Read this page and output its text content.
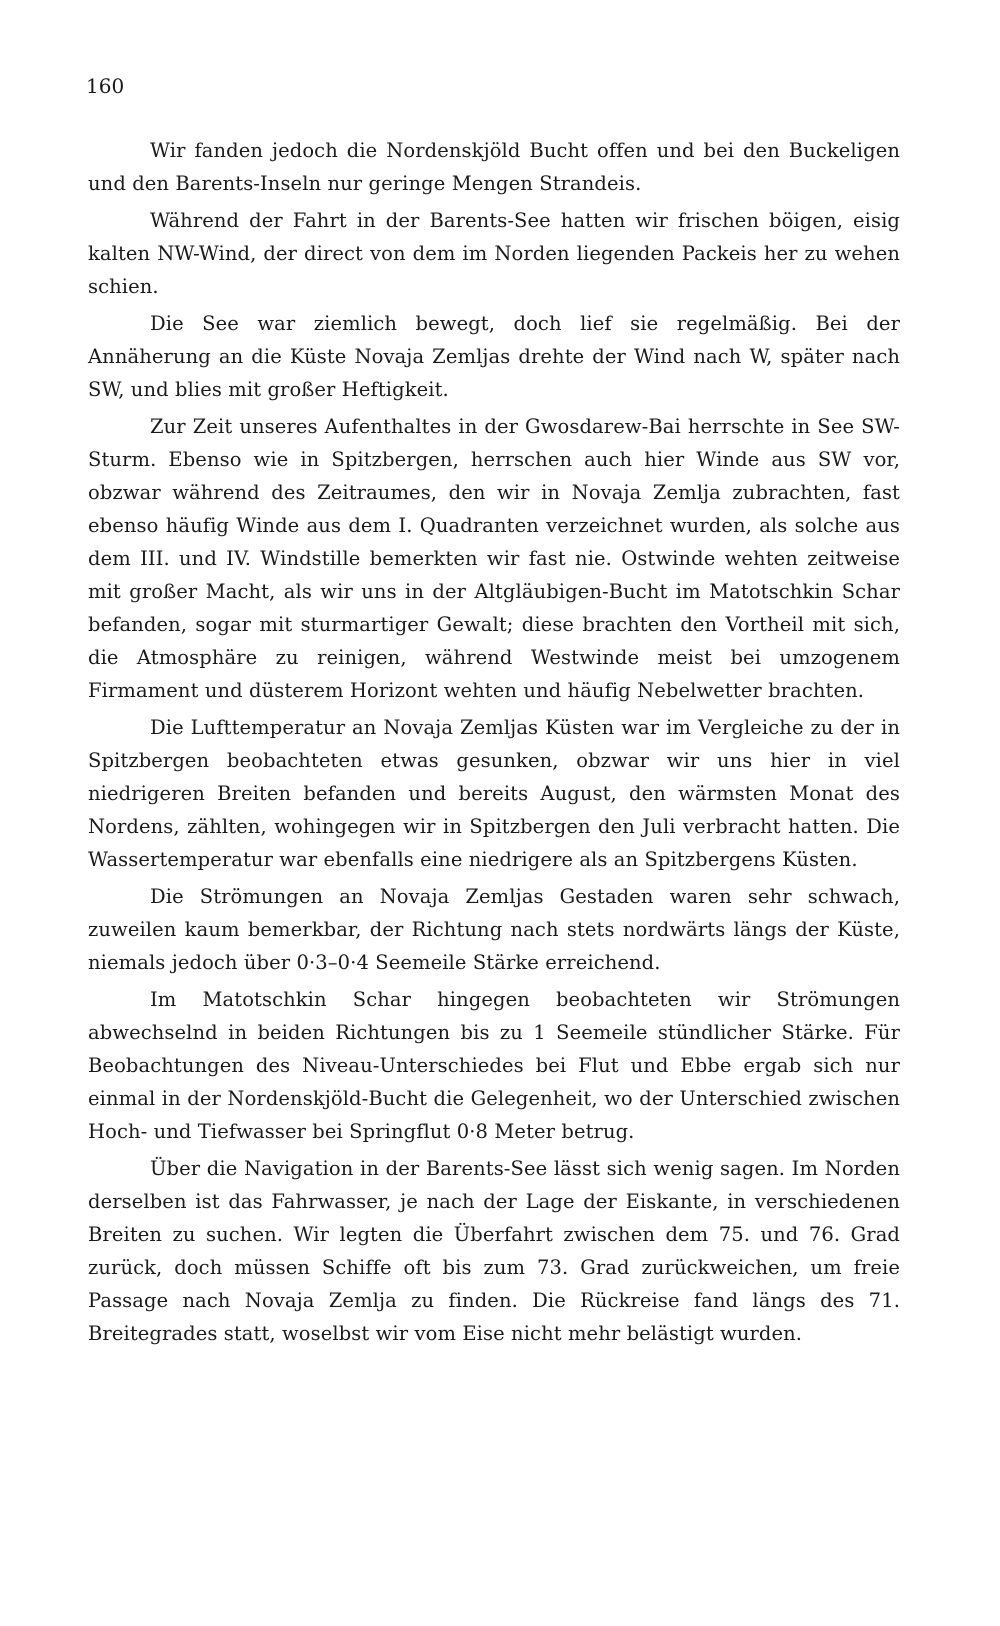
160

Wir fanden jedoch die Nordenskjöld Bucht offen und bei den Buckeligen und den Barents-Inseln nur geringe Mengen Strandeis.

Während der Fahrt in der Barents-See hatten wir frischen böigen, eisig kalten NW-Wind, der direct von dem im Norden liegenden Packeis her zu wehen schien.

Die See war ziemlich bewegt, doch lief sie regelmäßig. Bei der Annäherung an die Küste Novaja Zemljas drehte der Wind nach W, später nach SW, und blies mit großer Heftigkeit.

Zur Zeit unseres Aufenthaltes in der Gwosdarew-Bai herrschte in See SW-Sturm. Ebenso wie in Spitzbergen, herrschen auch hier Winde aus SW vor, obzwar während des Zeitraumes, den wir in Novaja Zemlja zubrachten, fast ebenso häufig Winde aus dem I. Quadranten verzeichnet wurden, als solche aus dem III. und IV. Windstille bemerkten wir fast nie. Ostwinde wehten zeitweise mit großer Macht, als wir uns in der Altgläubigen-Bucht im Matotschkin Schar befanden, sogar mit sturmartiger Gewalt; diese brachten den Vortheil mit sich, die Atmosphäre zu reinigen, während Westwinde meist bei umzogenem Firmament und düsterem Horizont wehten und häufig Nebelwetter brachten.

Die Lufttemperatur an Novaja Zemljas Küsten war im Vergleiche zu der in Spitzbergen beobachteten etwas gesunken, obzwar wir uns hier in viel niedrigeren Breiten befanden und bereits August, den wärmsten Monat des Nordens, zählten, wohingegen wir in Spitzbergen den Juli verbracht hatten. Die Wassertemperatur war ebenfalls eine niedrigere als an Spitzbergens Küsten.

Die Strömungen an Novaja Zemljas Gestaden waren sehr schwach, zuweilen kaum bemerkbar, der Richtung nach stets nordwärts längs der Küste, niemals jedoch über 0·3–0·4 Seemeile Stärke erreichend.

Im Matotschkin Schar hingegen beobachteten wir Strömungen abwechselnd in beiden Richtungen bis zu 1 Seemeile stündlicher Stärke. Für Beobachtungen des Niveau-Unterschiedes bei Flut und Ebbe ergab sich nur einmal in der Nordenskjöld-Bucht die Gelegenheit, wo der Unterschied zwischen Hoch- und Tiefwasser bei Springflut 0·8 Meter betrug.

Über die Navigation in der Barents-See lässt sich wenig sagen. Im Norden derselben ist das Fahrwasser, je nach der Lage der Eiskante, in verschiedenen Breiten zu suchen. Wir legten die Überfahrt zwischen dem 75. und 76. Grad zurück, doch müssen Schiffe oft bis zum 73. Grad zurückweichen, um freie Passage nach Novaja Zemlja zu finden. Die Rückreise fand längs des 71. Breitegrades statt, woselbst wir vom Eise nicht mehr belästigt wurden.
